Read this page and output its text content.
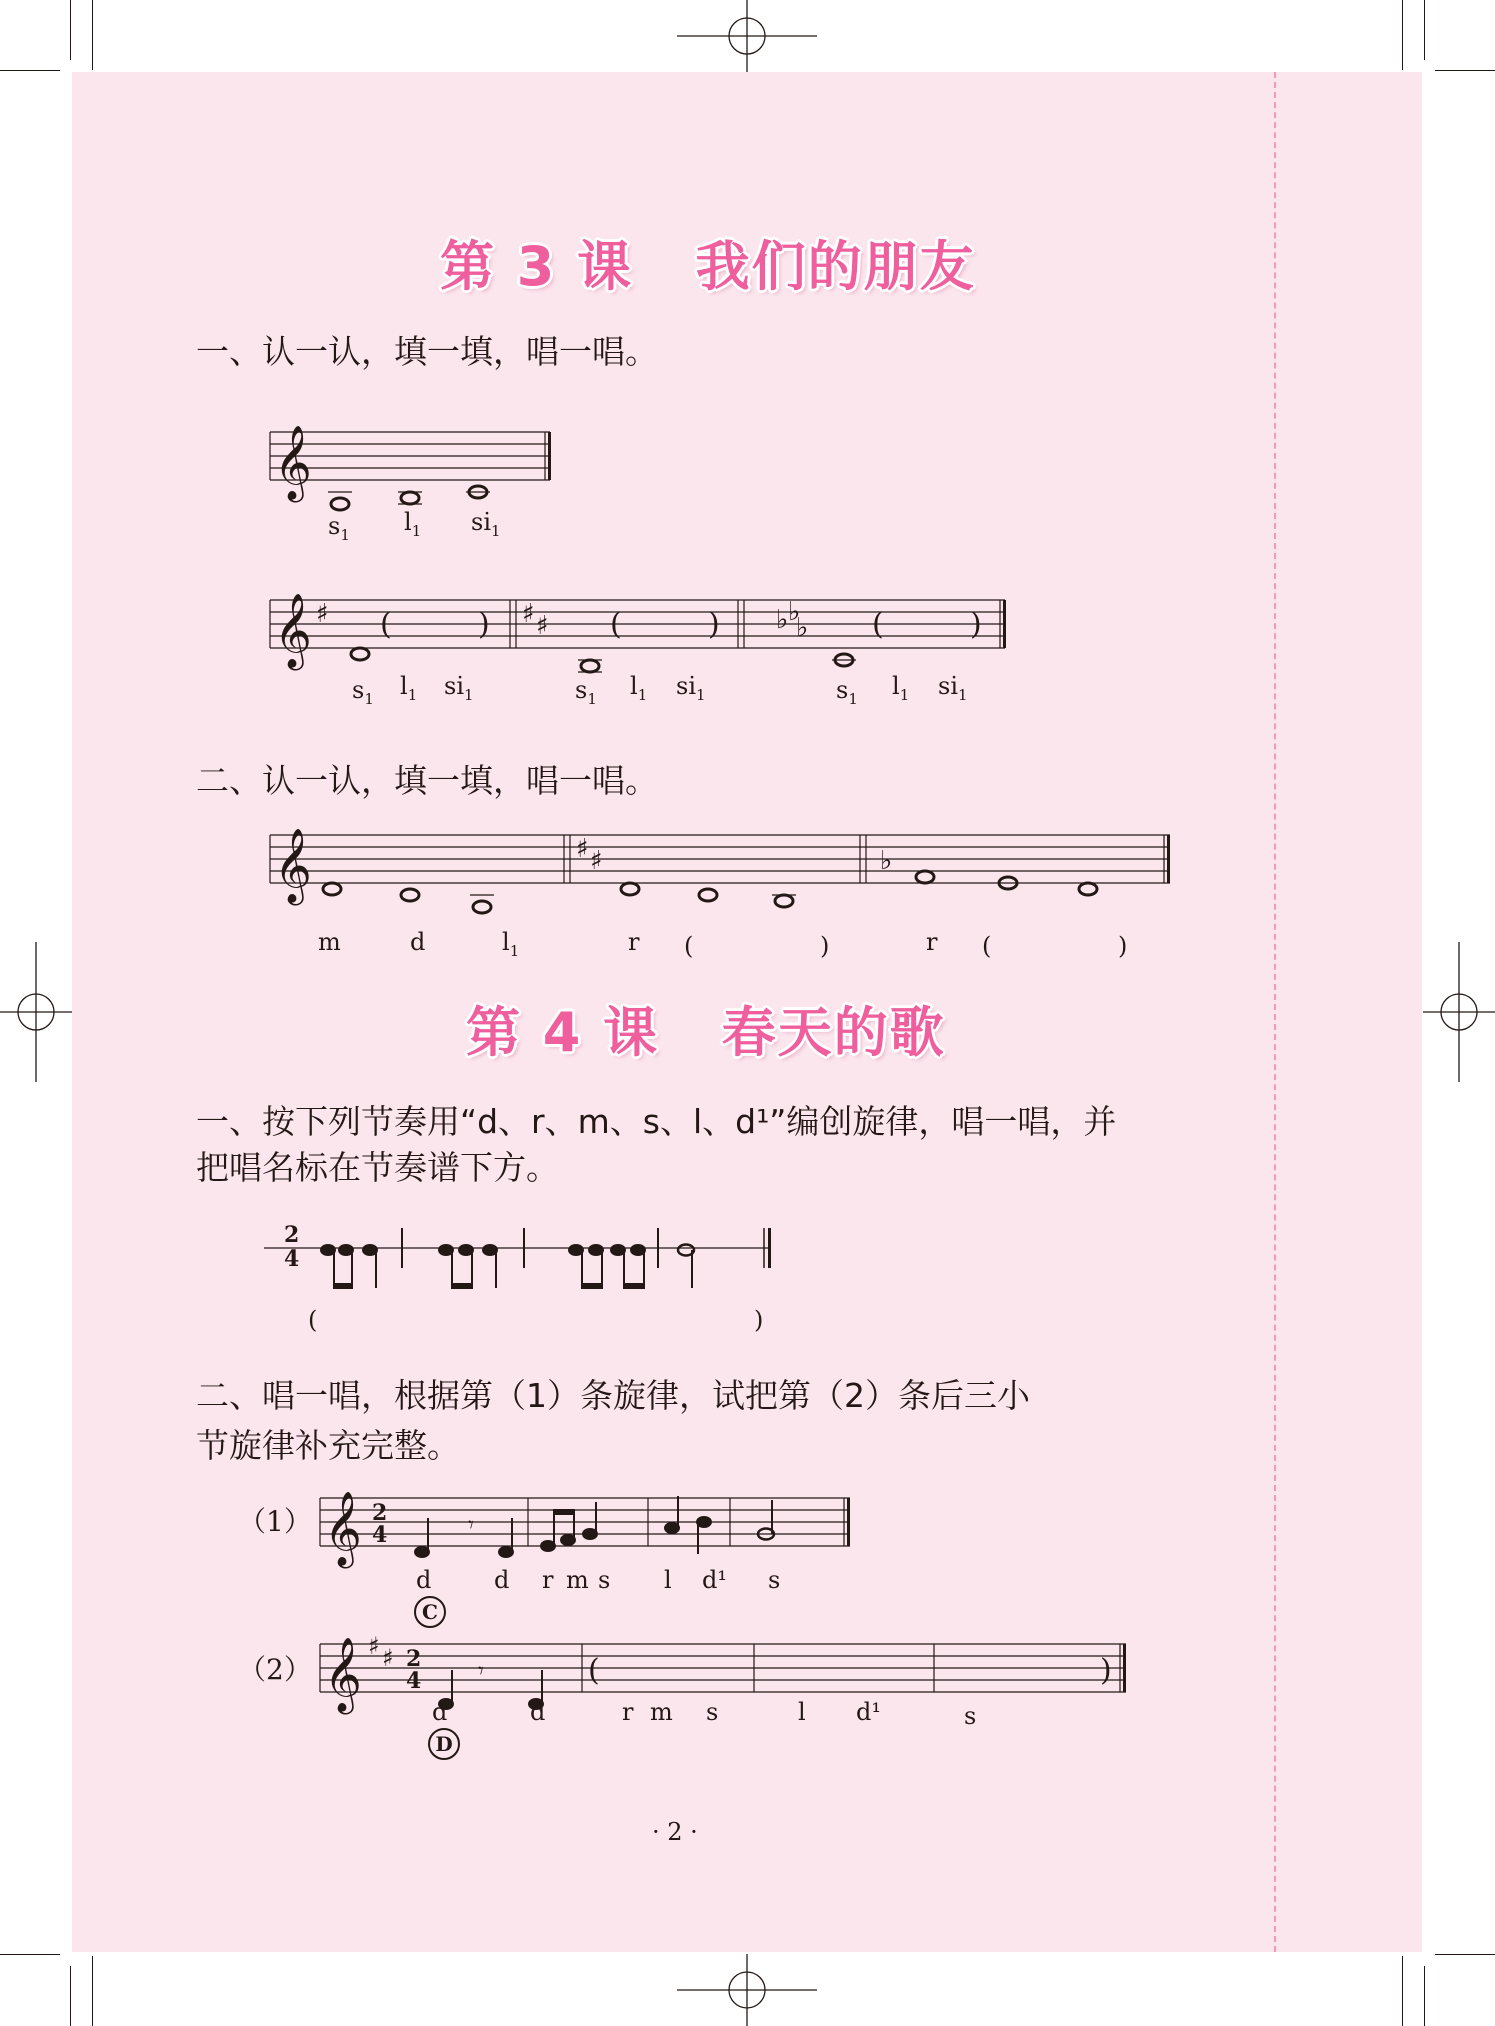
第 3 课   我们的朋友
一、认一认，填一填，唱一唱。
𝄞
$s_1$ $l_1$ $si_1$
𝄞 ♯	♯ ♯	♭ ♭
♭
(	)	(	)	(	)
$s_1$ $l_1$ $si_1$	$s_1$ $l_1$ $si_1$	$s_1$ $l_1$ $si_1$
二、认一认，填一填，唱一唱。
𝄞	♯ ♯	♭
m	d	$l_1$	r (	)	r (	)
第 4 课   春天的歌
一、按下列节奏用“d、r、m、s、l、d¹”编创旋律，唱一唱，并
把唱名标在节奏谱下方。
2
4
(	)
二、唱一唱，根据第（1）条旋律，试把第（2）条后三小
节旋律补充完整。
（1） 𝄞 2
4	𝄾
d	d r m s l d¹ s
C
（2） 𝄞 ♯ ♯ 2
4	𝄾	(	)
d	d	r m s	l d¹	s
D
· 2 ·
